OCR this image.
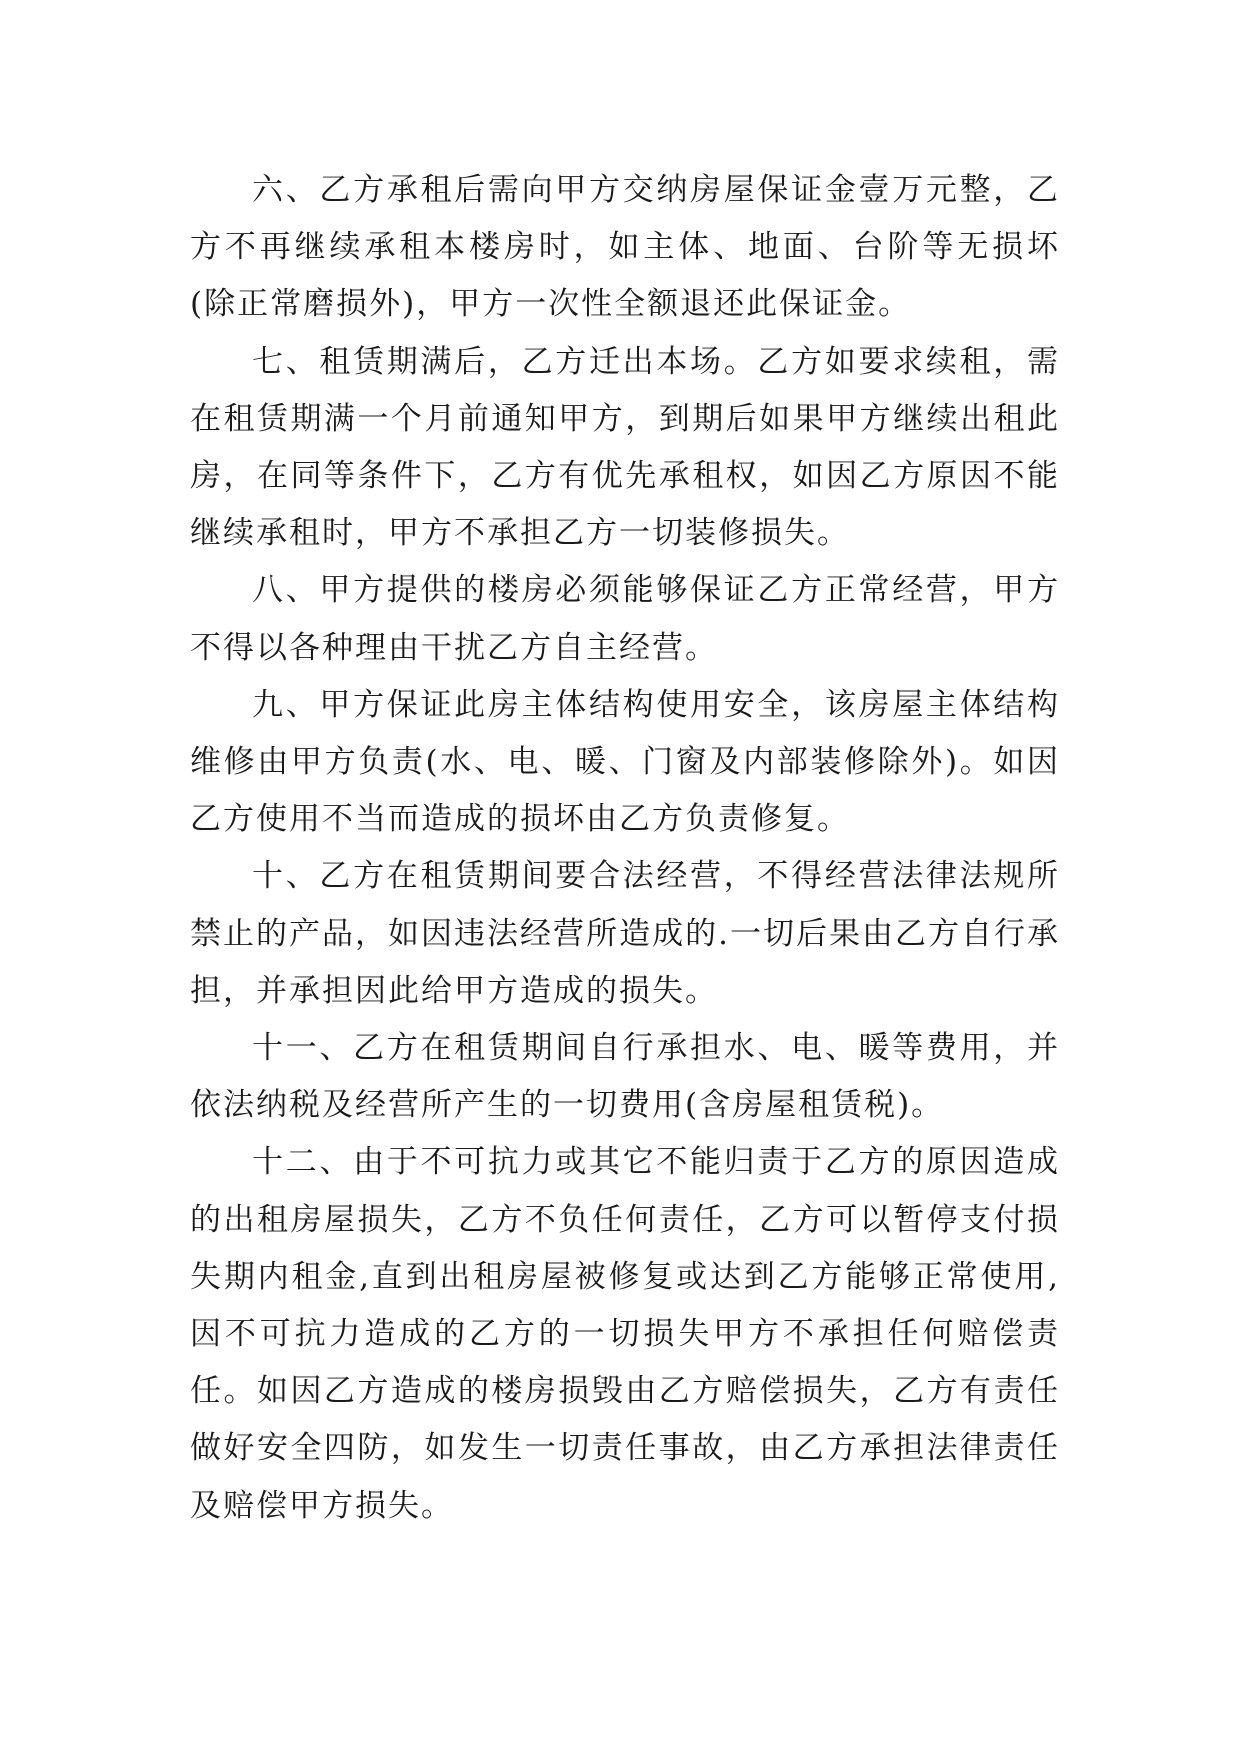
六、乙方承租后需向甲方交纳房屋保证金壹万元整，乙方不再继续承租本楼房时，如主体、地面、台阶等无损坏(除正常磨损外)，甲方一次性全额退还此保证金。

七、租赁期满后，乙方迁出本场。乙方如要求续租，需在租赁期满一个月前通知甲方，到期后如果甲方继续出租此房，在同等条件下，乙方有优先承租权，如因乙方原因不能继续承租时，甲方不承担乙方一切装修损失。

八、甲方提供的楼房必须能够保证乙方正常经营，甲方不得以各种理由干扰乙方自主经营。

九、甲方保证此房主体结构使用安全，该房屋主体结构维修由甲方负责(水、电、暖、门窗及内部装修除外)。如因乙方使用不当而造成的损坏由乙方负责修复。

十、乙方在租赁期间要合法经营，不得经营法律法规所禁止的产品，如因违法经营所造成的.一切后果由乙方自行承担，并承担因此给甲方造成的损失。

十一、乙方在租赁期间自行承担水、电、暖等费用，并依法纳税及经营所产生的一切费用(含房屋租赁税)。

十二、由于不可抗力或其它不能归责于乙方的原因造成的出租房屋损失，乙方不负任何责任，乙方可以暂停支付损失期内租金,直到出租房屋被修复或达到乙方能够正常使用,因不可抗力造成的乙方的一切损失甲方不承担任何赔偿责任。如因乙方造成的楼房损毁由乙方赔偿损失，乙方有责任做好安全四防，如发生一切责任事故，由乙方承担法律责任及赔偿甲方损失。
